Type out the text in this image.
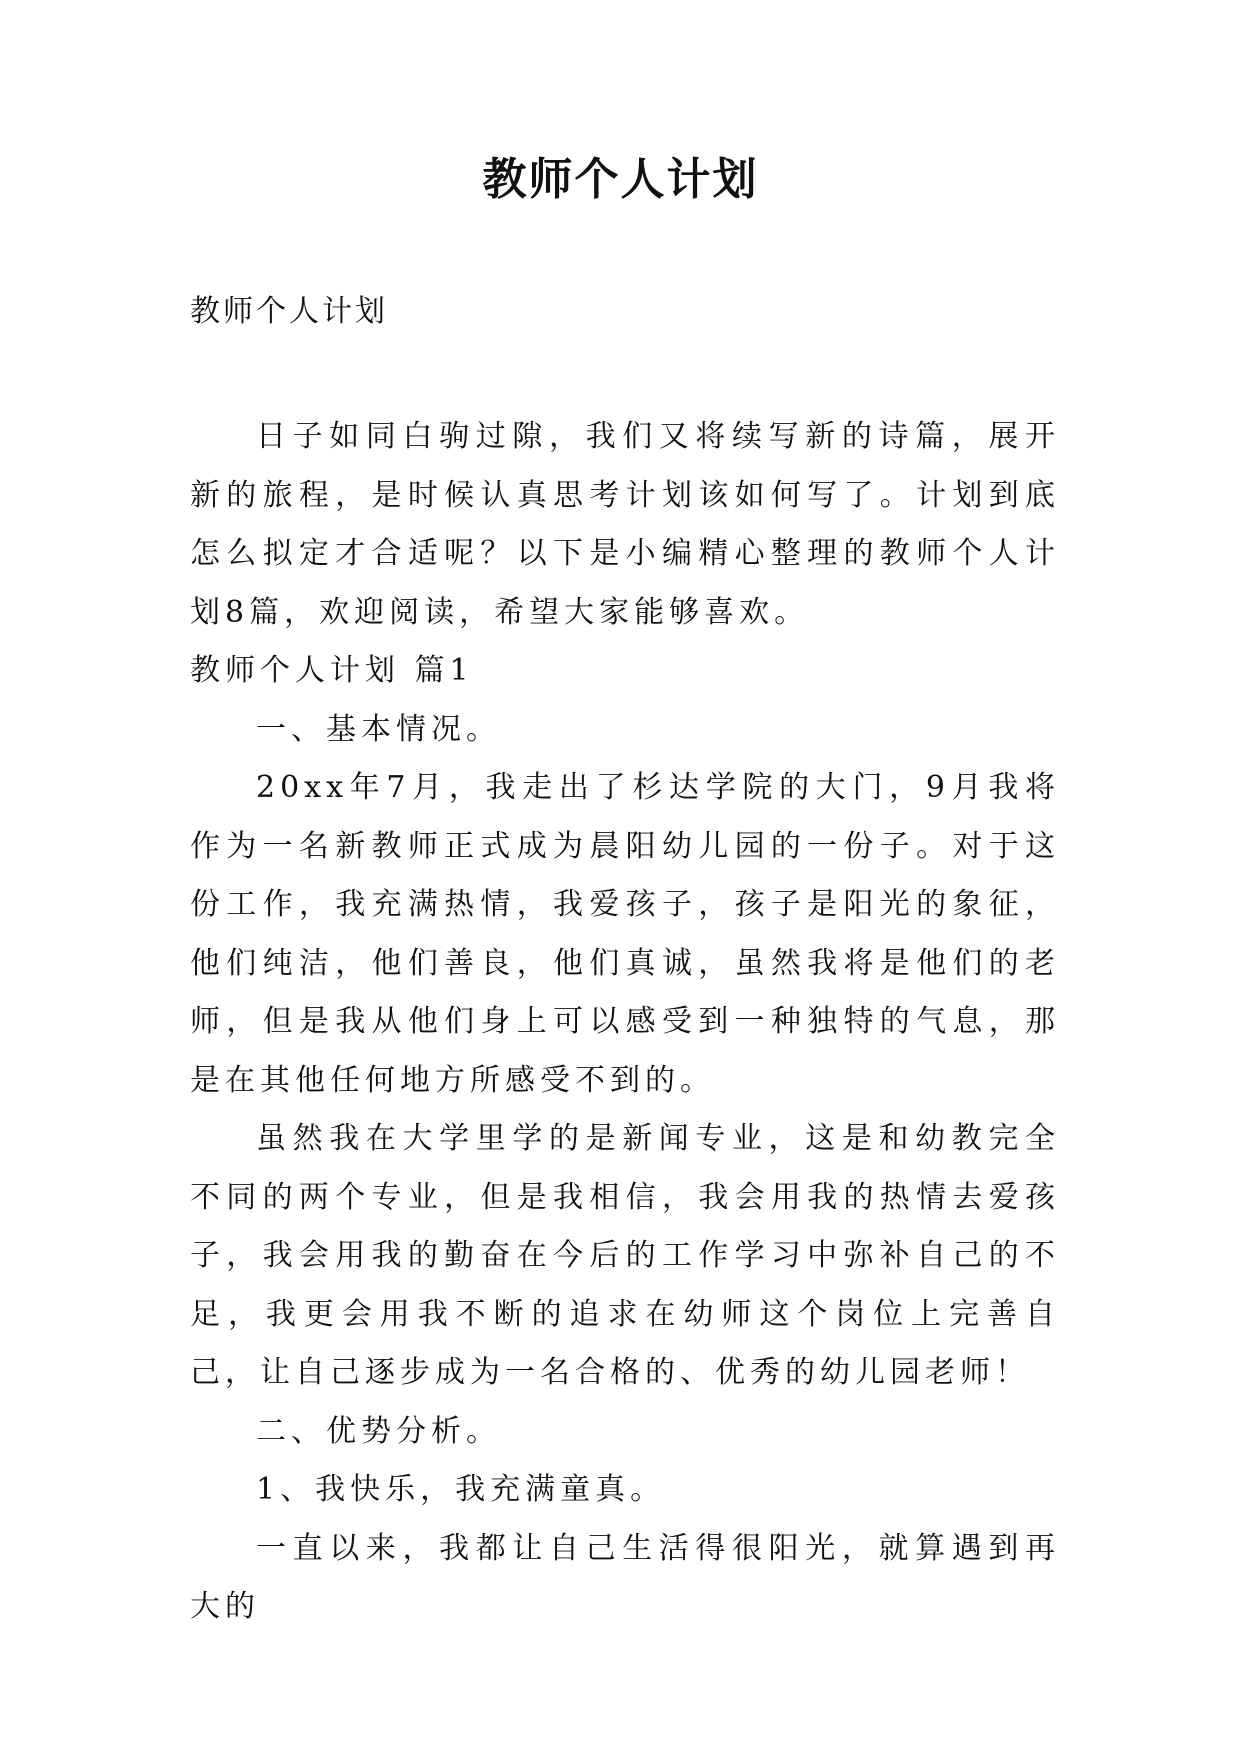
教师个人计划

教师个人计划

日子如同白驹过隙，我们又将续写新的诗篇，展开新的旅程，是时候认真思考计划该如何写了。计划到底怎么拟定才合适呢？以下是小编精心整理的教师个人计划8篇，欢迎阅读，希望大家能够喜欢。

教师个人计划 篇1

一、基本情况。

20xx年7月，我走出了杉达学院的大门，9月我将作为一名新教师正式成为晨阳幼儿园的一份子。对于这份工作，我充满热情，我爱孩子，孩子是阳光的象征，他们纯洁，他们善良，他们真诚，虽然我将是他们的老师，但是我从他们身上可以感受到一种独特的气息，那是在其他任何地方所感受不到的。

虽然我在大学里学的是新闻专业，这是和幼教完全不同的两个专业，但是我相信，我会用我的热情去爱孩子，我会用我的勤奋在今后的工作学习中弥补自己的不足，我更会用我不断的追求在幼师这个岗位上完善自己，让自己逐步成为一名合格的、优秀的幼儿园老师！

二、优势分析。

1、我快乐，我充满童真。

一直以来，我都让自己生活得很阳光，就算遇到再大的
